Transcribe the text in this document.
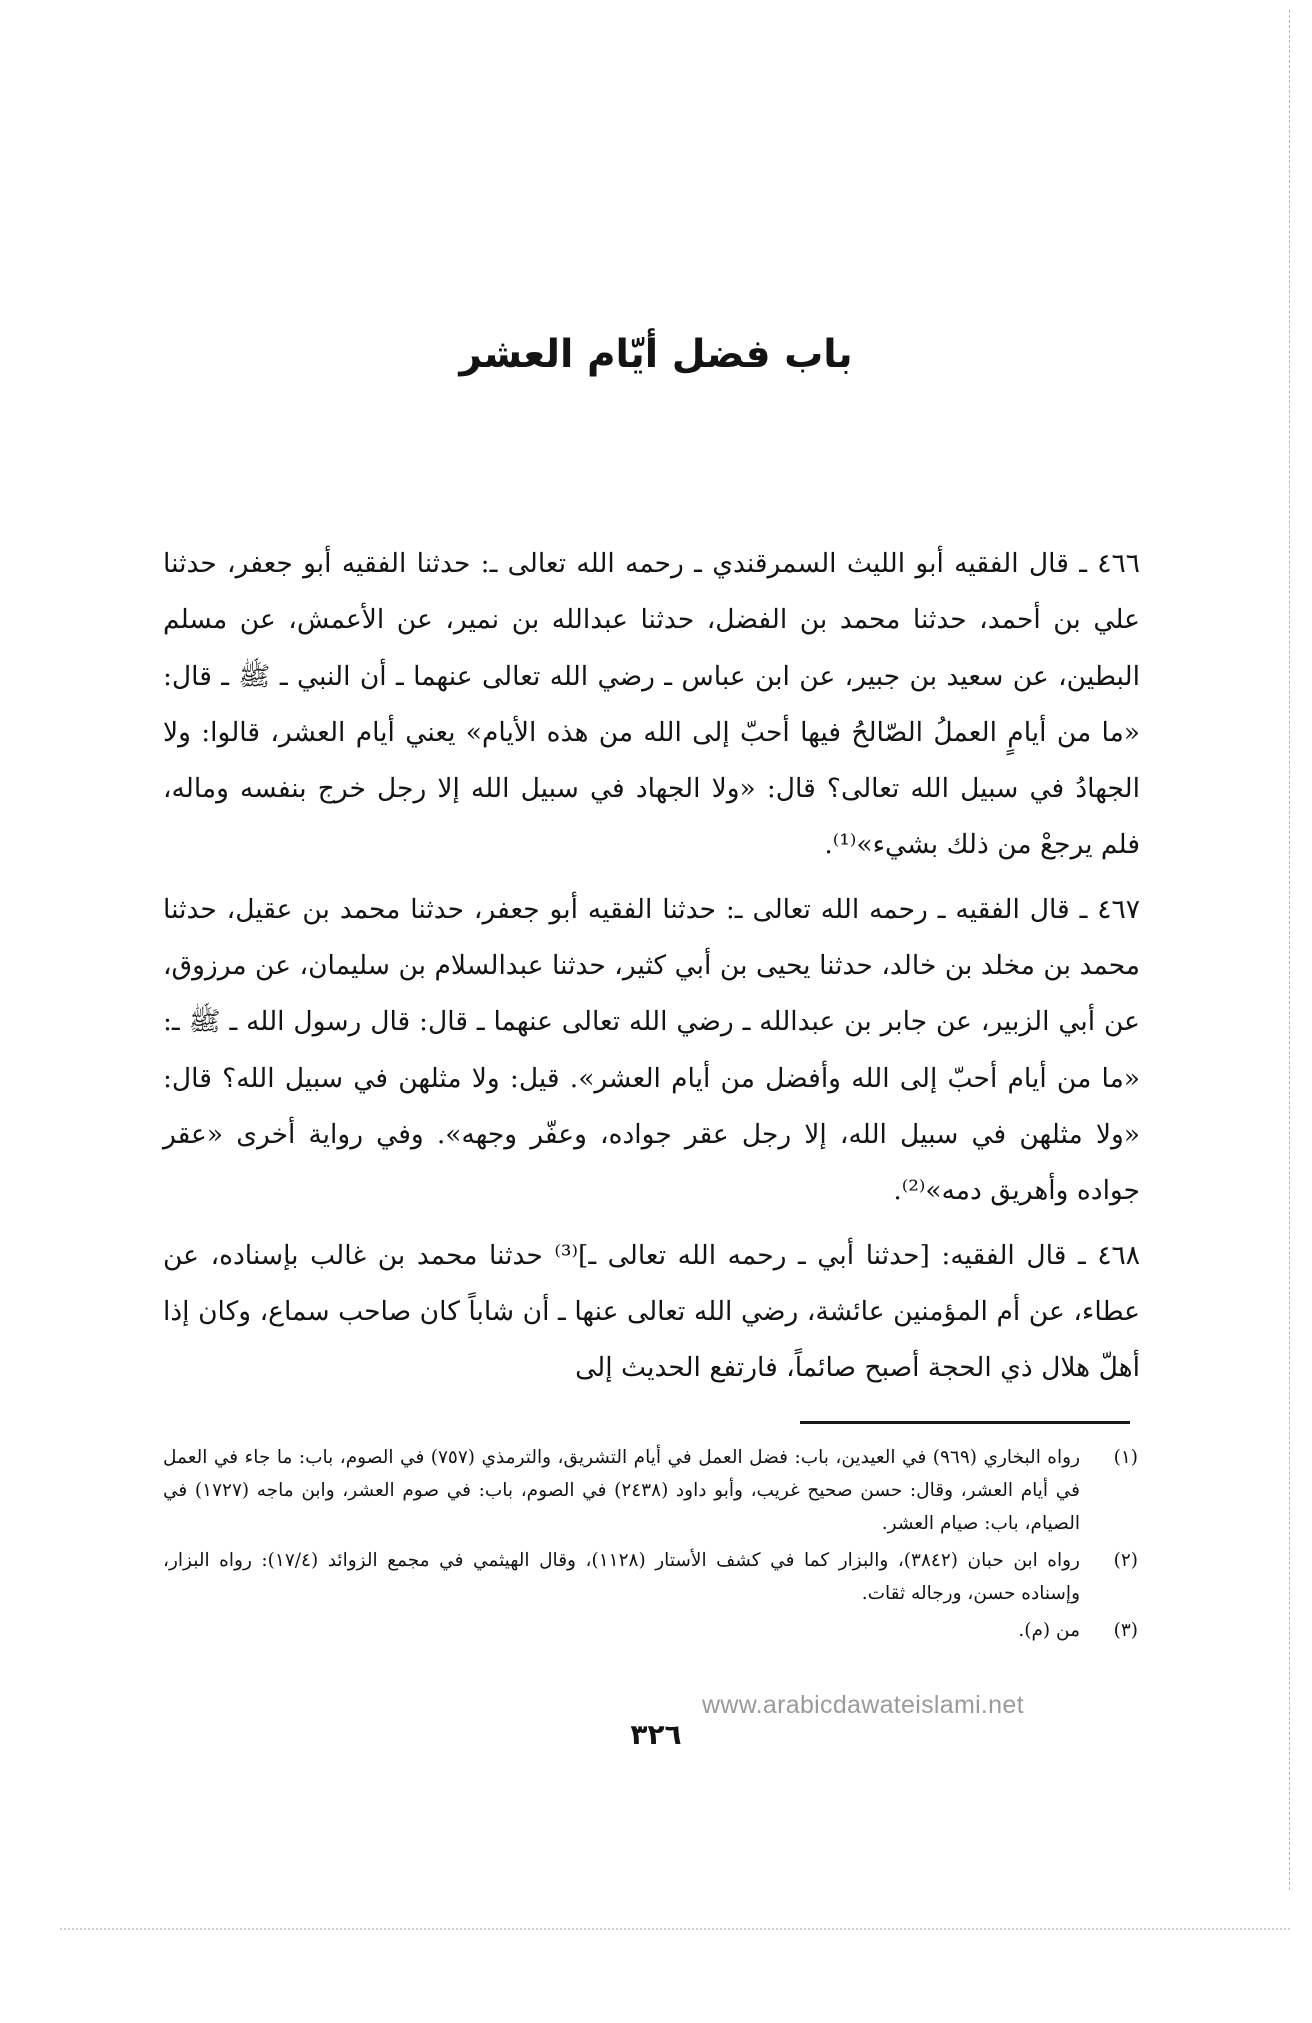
باب فضل أيّام العشر

٤٦٦ ـ قال الفقيه أبو الليث السمرقندي ـ رحمه الله تعالى ـ: حدثنا الفقيه أبو جعفر، حدثنا علي بن أحمد، حدثنا محمد بن الفضل، حدثنا عبدالله بن نمير، عن الأعمش، عن مسلم البطين، عن سعيد بن جبير، عن ابن عباس ـ رضي الله تعالى عنهما ـ أن النبي ـ ﷺ ـ قال: «ما من أيامٍ العملُ الصّالحُ فيها أحبّ إلى الله من هذه الأيام» يعني أيام العشر، قالوا: ولا الجهادُ في سبيل الله تعالى؟ قال: «ولا الجهاد في سبيل الله إلا رجل خرج بنفسه وماله، فلم يرجعْ من ذلك بشيء»⁽¹⁾.

٤٦٧ ـ قال الفقيه ـ رحمه الله تعالى ـ: حدثنا الفقيه أبو جعفر، حدثنا محمد بن عقيل، حدثنا محمد بن مخلد بن خالد، حدثنا يحيى بن أبي كثير، حدثنا عبدالسلام بن سليمان، عن مرزوق، عن أبي الزبير، عن جابر بن عبدالله ـ رضي الله تعالى عنهما ـ قال: قال رسول الله ـ ﷺ ـ: «ما من أيام أحبّ إلى الله وأفضل من أيام العشر». قيل: ولا مثلهن في سبيل الله؟ قال: «ولا مثلهن في سبيل الله، إلا رجل عقر جواده، وعفّر وجهه». وفي رواية أخرى «عقر جواده وأهريق دمه»⁽²⁾.

٤٦٨ ـ قال الفقيه: [حدثنا أبي ـ رحمه الله تعالى ـ]⁽³⁾ حدثنا محمد بن غالب بإسناده، عن عطاء، عن أم المؤمنين عائشة، رضي الله تعالى عنها ـ أن شاباً كان صاحب سماع، وكان إذا أهلّ هلال ذي الحجة أصبح صائماً، فارتفع الحديث إلى

(١)
رواه البخاري (٩٦٩) في العيدين، باب: فضل العمل في أيام التشريق، والترمذي (٧٥٧) في الصوم، باب: ما جاء في العمل في أيام العشر، وقال: حسن صحيح غريب، وأبو داود (٢٤٣٨) في الصوم، باب: في صوم العشر، وابن ماجه (١٧٢٧) في الصيام، باب: صيام العشر.
(٢)
رواه ابن حبان (٣٨٤٢)، والبزار كما في كشف الأستار (١١٢٨)، وقال الهيثمي في مجمع الزوائد (١٧/٤): رواه البزار، وإسناده حسن، ورجاله ثقات.
(٣)
من (م).
www.arabicdawateislami.net
٣٢٦
